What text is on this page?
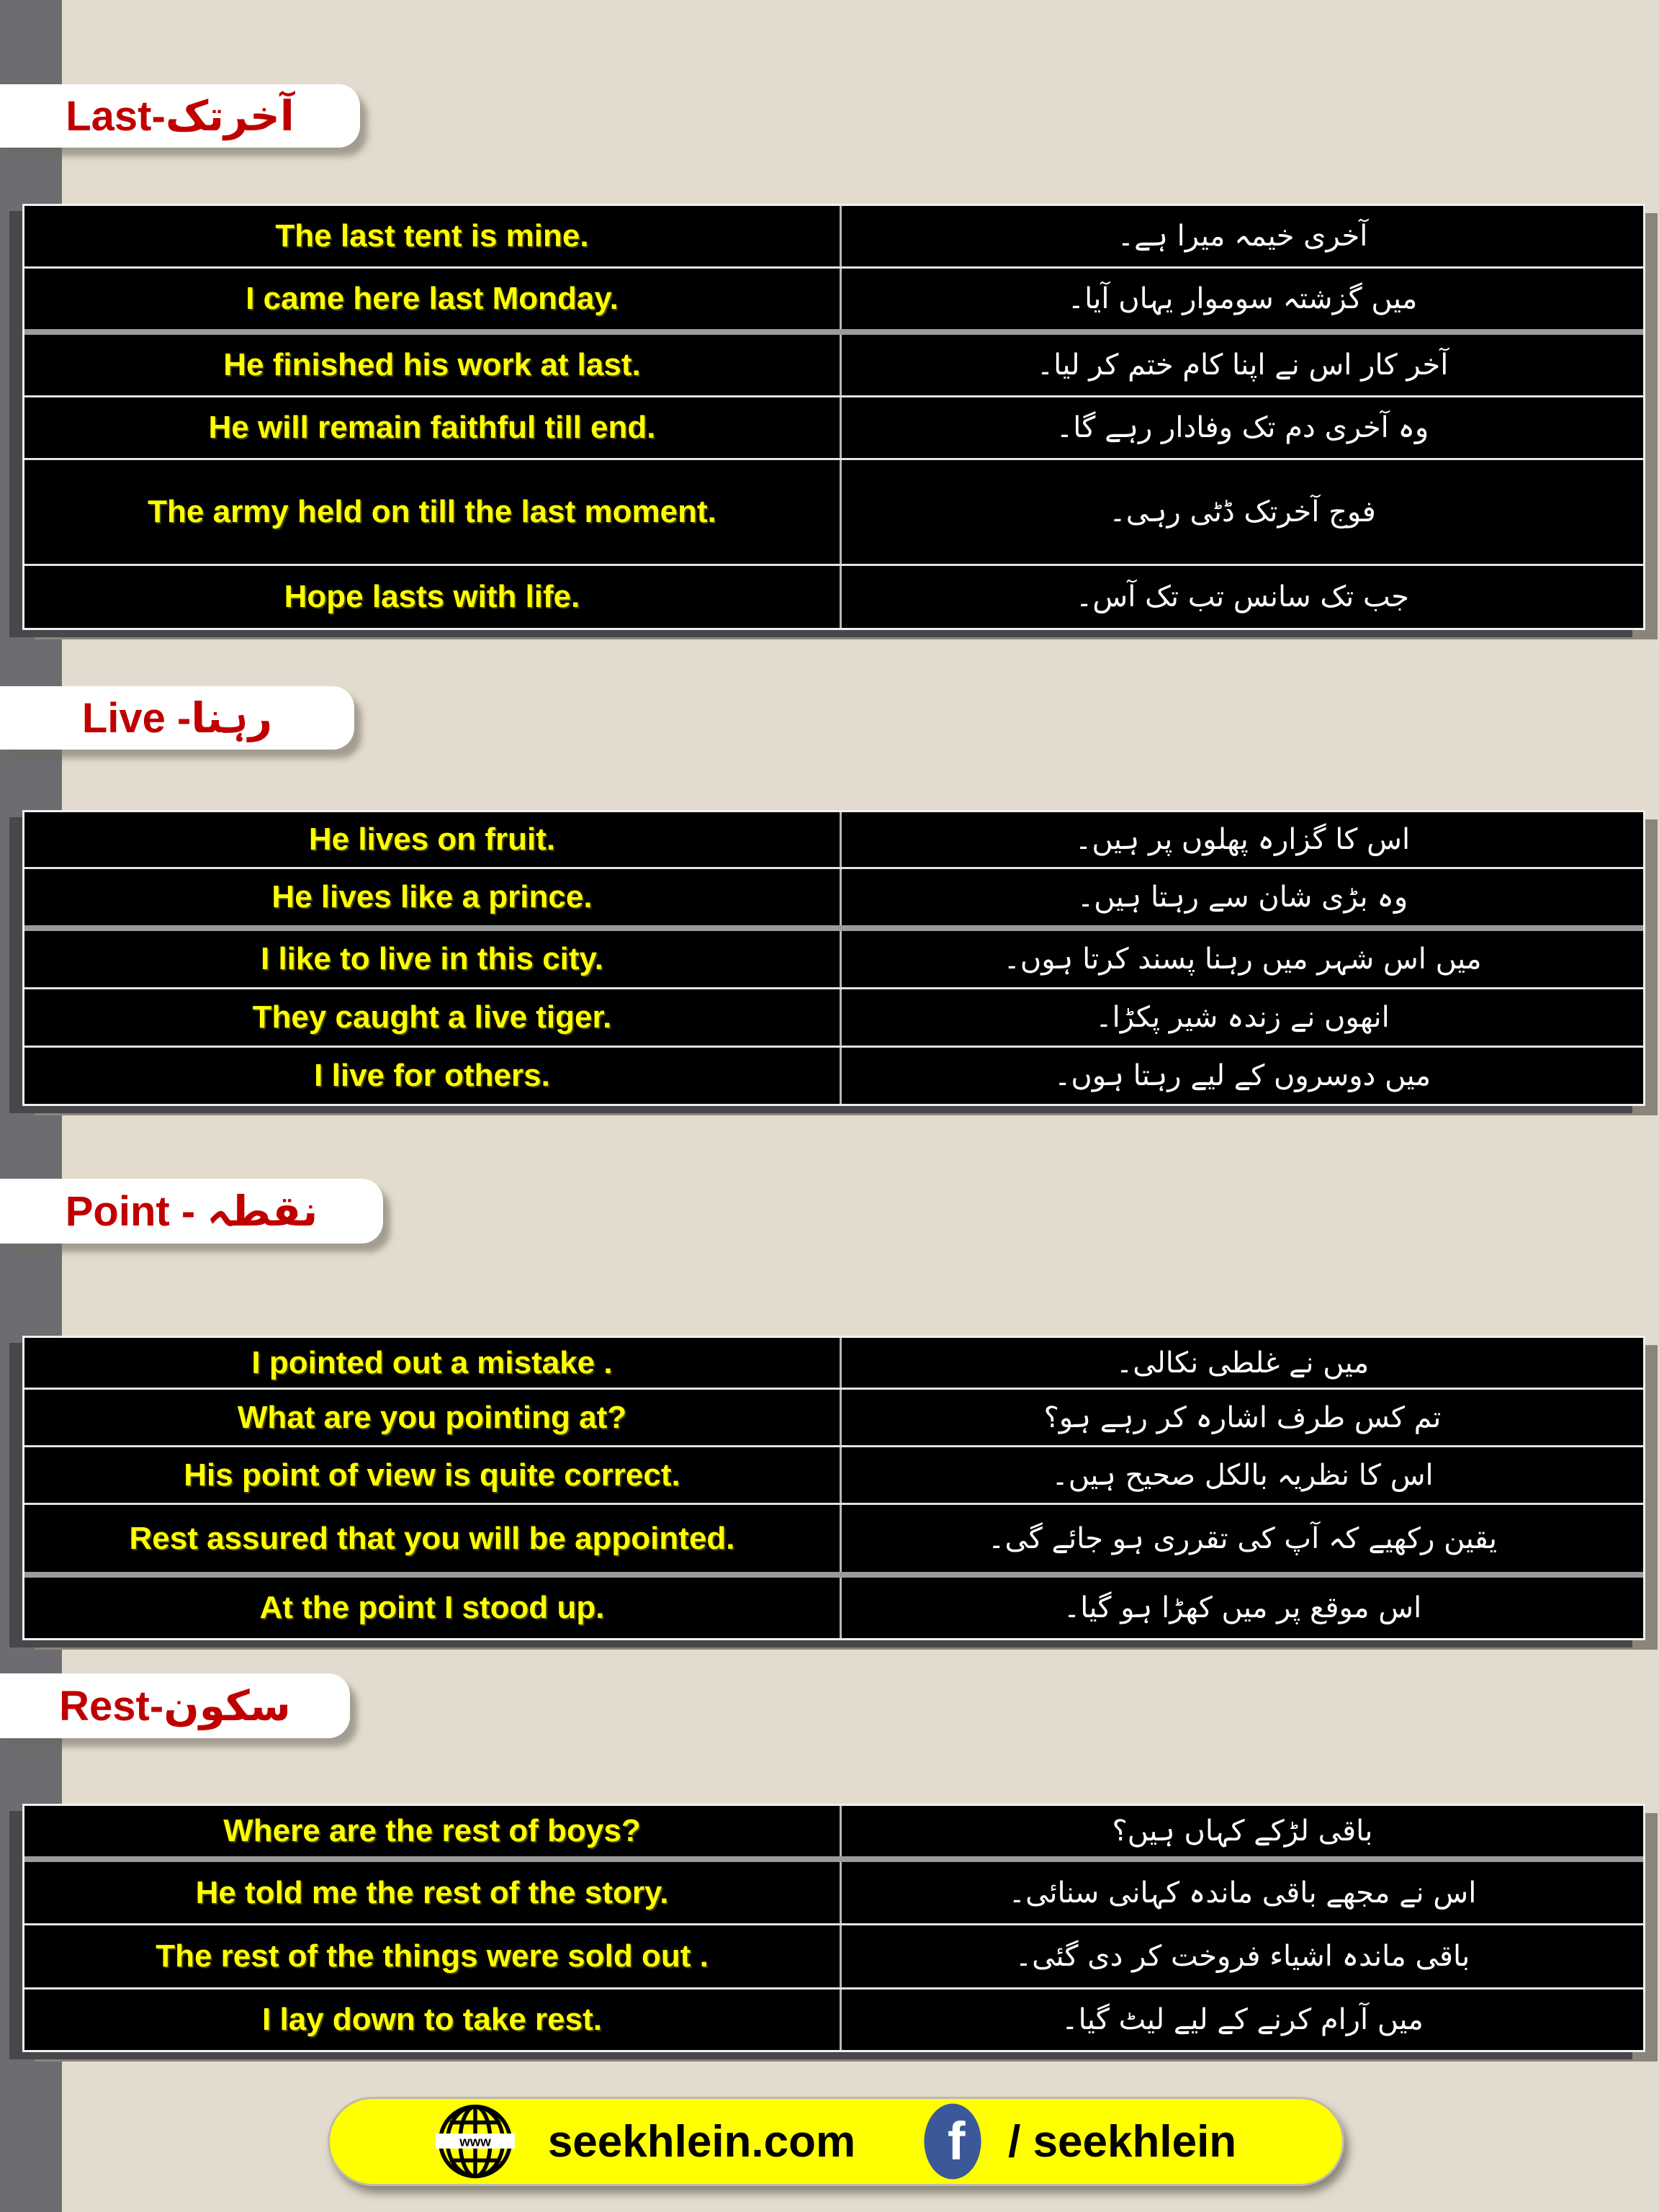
Last-آخرتک
The last tent is mine.	آخری خیمہ میرا ہے۔
I came here last Monday.	میں گزشتہ سوموار یہاں آیا۔
He finished his work at last.	آخر کار اس نے اپنا کام ختم کر لیا۔
He will remain faithful till end.	وہ آخری دم تک وفادار رہے گا۔
The army held on till the last moment.	فوج آخرتک ڈٹی رہی۔
Hope lasts with life.	جب تک سانس تب تک آس۔
Live -رہنا
He lives on fruit.	اس کا گزارہ پھلوں پر ہیں۔
He lives like a prince.	وہ بڑی شان سے رہتا ہیں۔
I like to live in this city.	میں اس شہر میں رہنا پسند کرتا ہوں۔
They caught a live tiger.	انھوں نے زندہ شیر پکڑا۔
I live for others.	میں دوسروں کے لیے رہتا ہوں۔
Point - نقطہ
I pointed out a mistake .	میں نے غلطی نکالی۔
What are you pointing at?	تم کس طرف اشارہ کر رہے ہو؟
His point of view is quite correct.	اس کا نظریہ بالکل صحیح ہیں۔
Rest assured that you will be appointed.	یقین رکھیے کہ آپ کی تقرری ہو جائے گی۔
At the point I stood up.	اس موقع پر میں کھڑا ہو گیا۔
Rest-سکون
Where are the rest of boys?	باقی لڑکے کہاں ہیں؟
He told me the rest of the story.	اس نے مجھے باقی ماندہ کہانی سنائی۔
The rest of the things were sold out .	باقی ماندہ اشیاء فروخت کر دی گئی۔
I lay down to take rest.	میں آرام کرنے کے لیے لیٹ گیا۔
www seekhlein.com f / seekhlein
